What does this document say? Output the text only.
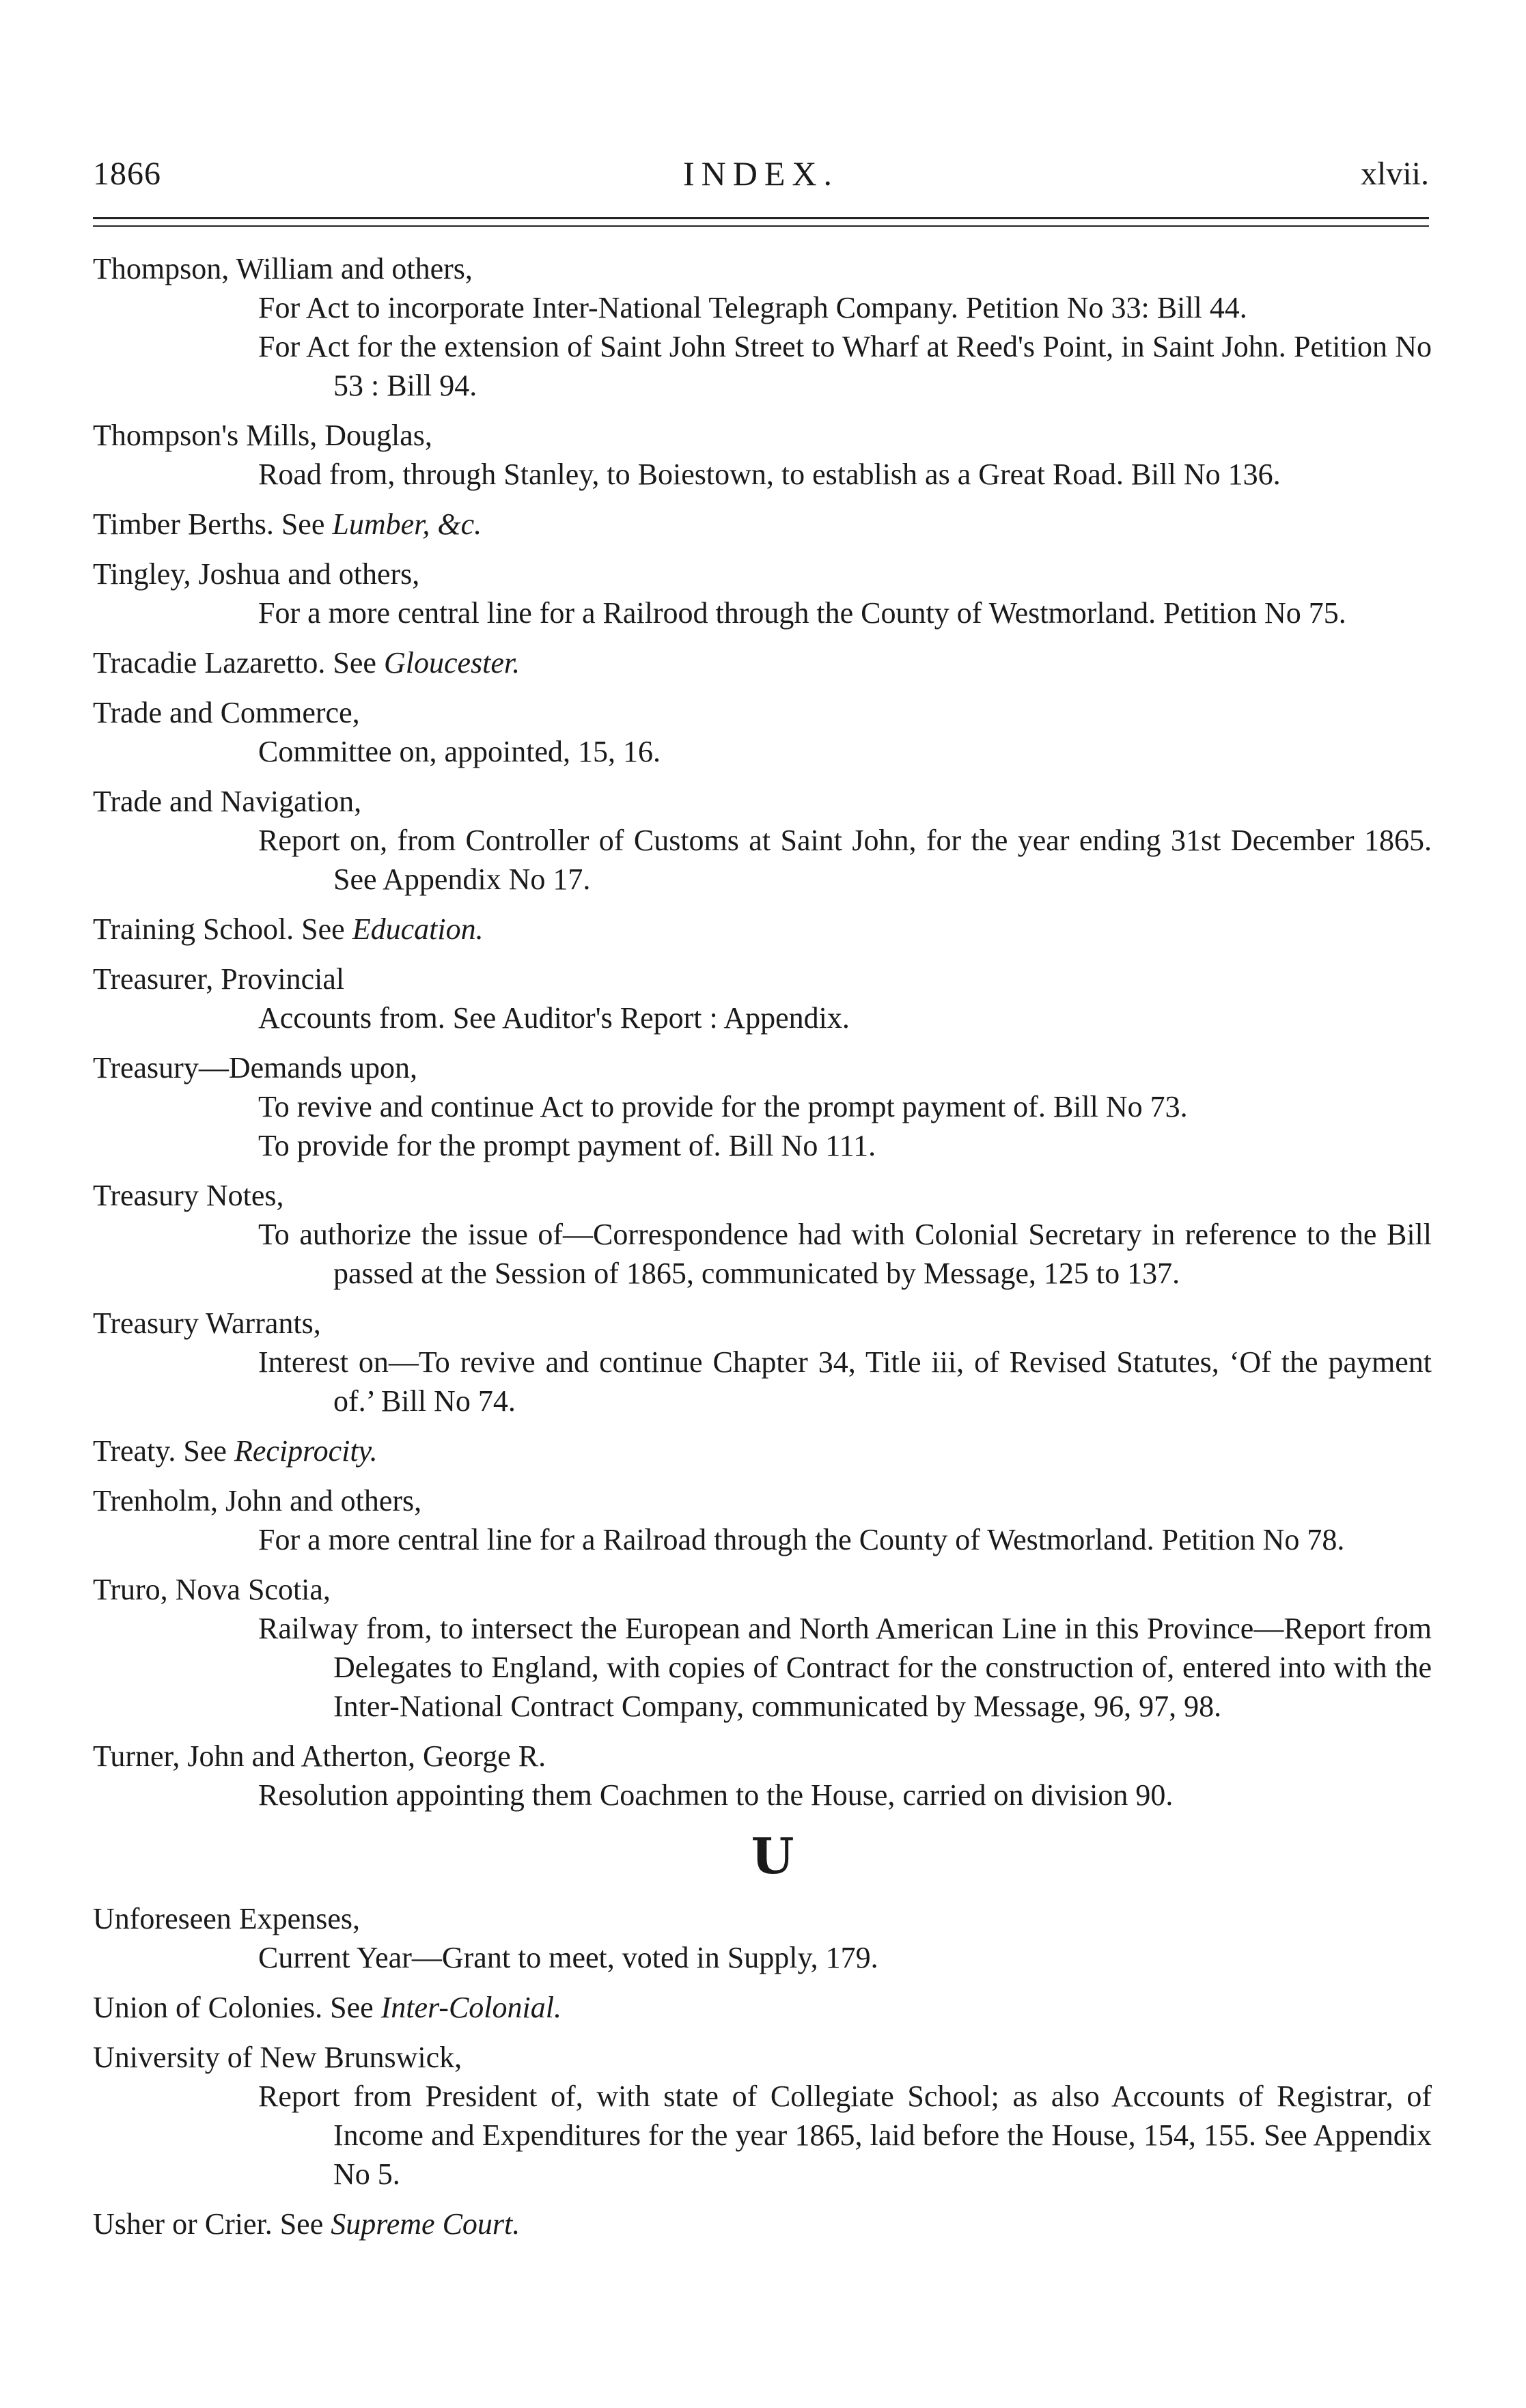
1866	INDEX.	xlvii.
Thompson, William and others,
For Act to incorporate Inter-National Telegraph Company. Petition No 33: Bill 44.
For Act for the extension of Saint John Street to Wharf at Reed's Point, in Saint John. Petition No 53 : Bill 94.
Thompson's Mills, Douglas,
Road from, through Stanley, to Boiestown, to establish as a Great Road. Bill No 136.
Timber Berths. See Lumber, &c.
Tingley, Joshua and others,
For a more central line for a Railrood through the County of Westmorland. Petition No 75.
Tracadie Lazaretto. See Gloucester.
Trade and Commerce,
Committee on, appointed, 15, 16.
Trade and Navigation,
Report on, from Controller of Customs at Saint John, for the year ending 31st December 1865. See Appendix No 17.
Training School. See Education.
Treasurer, Provincial
Accounts from. See Auditor's Report : Appendix.
Treasury—Demands upon,
To revive and continue Act to provide for the prompt payment of. Bill No 73.
To provide for the prompt payment of. Bill No 111.
Treasury Notes,
To authorize the issue of—Correspondence had with Colonial Secretary in reference to the Bill passed at the Session of 1865, communicated by Message, 125 to 137.
Treasury Warrants,
Interest on—To revive and continue Chapter 34, Title iii, of Revised Statutes, ‘Of the payment of.’ Bill No 74.
Treaty. See Reciprocity.
Trenholm, John and others,
For a more central line for a Railroad through the County of Westmorland. Petition No 78.
Truro, Nova Scotia,
Railway from, to intersect the European and North American Line in this Province—Report from Delegates to England, with copies of Contract for the construction of, entered into with the Inter-National Contract Company, communicated by Message, 96, 97, 98.
Turner, John and Atherton, George R.
Resolution appointing them Coachmen to the House, carried on division 90.
U
Unforeseen Expenses,
Current Year—Grant to meet, voted in Supply, 179.
Union of Colonies. See Inter-Colonial.
University of New Brunswick,
Report from President of, with state of Collegiate School; as also Accounts of Registrar, of Income and Expenditures for the year 1865, laid before the House, 154, 155. See Appendix No 5.
Usher or Crier. See Supreme Court.
